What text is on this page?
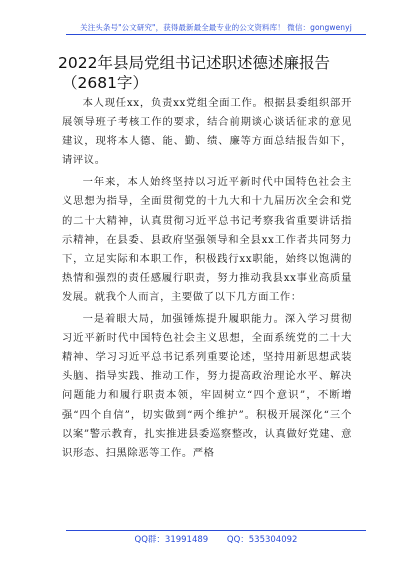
关注头条号"公文研究"，获得最新最全最专业的公文资料库！ 微信：gongwenyj
2022年县局党组书记述职述德述廉报告
（2681字）

本人现任xx，负责xx党组全面工作。根据县委组织部开展领导班子考核工作的要求，结合前期谈心谈话征求的意见建议，现将本人德、能、勤、绩、廉等方面总结报告如下，请评议。

一年来，本人始终坚持以习近平新时代中国特色社会主义思想为指导，全面贯彻党的十九大和十九届历次全会和党的二十大精神，认真贯彻习近平总书记考察我省重要讲话指示精神，在县委、县政府坚强领导和全县xx工作者共同努力下，立足实际和本职工作，积极践行xx职能，始终以饱满的热情和强烈的责任感履行职责，努力推动我县xx事业高质量发展。就我个人而言，主要做了以下几方面工作：

一是着眼大局，加强锤炼提升履职能力。深入学习贯彻习近平新时代中国特色社会主义思想，全面系统党的二十大精神、学习习近平总书记系列重要论述，坚持用新思想武装头脑、指导实践、推动工作，努力提高政治理论水平、解决问题能力和履行职责本领，牢固树立“四个意识”，不断增强“四个自信”，切实做到“两个维护”。积极开展深化“三个以案”警示教育，扎实推进县委巡察整改，认真做好党建、意识形态、扫黑除恶等工作。严格

QQ群：31991489 QQ：535304092
